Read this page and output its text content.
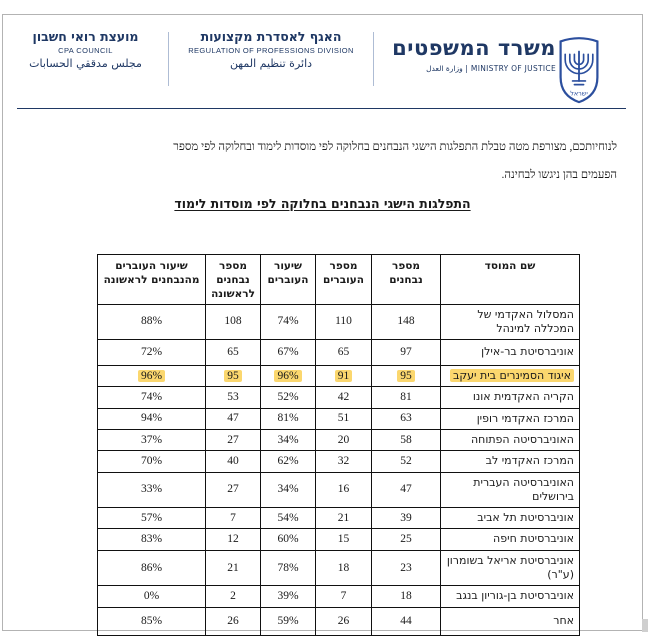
ישראל
משרד המשפטים
MINISTRY OF JUSTICE | وزارة العدل
האגף לאסדרת מקצועות
REGULATION OF PROFESSIONS DIVISION
دائرة تنظيم المهن
מועצת רואי חשבון
CPA COUNCIL
مجلس مدققي الحسابات
לנוחיותכם, מצורפת מטה טבלת התפלגות הישגי הנבחנים בחלוקה לפי מוסדות לימוד ובחלוקה לפי מספר
הפעמים בהן ניגשו לבחינה.
התפלגות הישגי הנבחנים בחלוקה לפי מוסדות לימוד
שם המוסד	מספר נבחנים	מספר העוברים	שיעור העוברים	מספר נבחנים לראשונה	שיעור העוברים מהנבחנים לראשונה
המסלול האקדמי של המכללה למינהל	148	110	74%	108	88%
אוניברסיטת בר-אילן	97	65	67%	65	72%
איגוד הסמינרים בית יעקב	95	91	96%	95	96%
הקריה האקדמית אונו	81	42	52%	53	74%
המרכז האקדמי רופין	63	51	81%	47	94%
האוניברסיטה הפתוחה	58	20	34%	27	37%
המרכז האקדמי לב	52	32	62%	40	70%
האוניברסיטה העברית בירושלים	47	16	34%	27	33%
אוניברסיטת תל אביב	39	21	54%	7	57%
אוניברסיטת חיפה	25	15	60%	12	83%
אוניברסיטת אריאל בשומרון (ע"ר)	23	18	78%	21	86%
אוניברסיטת בן-גוריון בנגב	18	7	39%	2	0%
אחר	44	26	59%	26	85%
